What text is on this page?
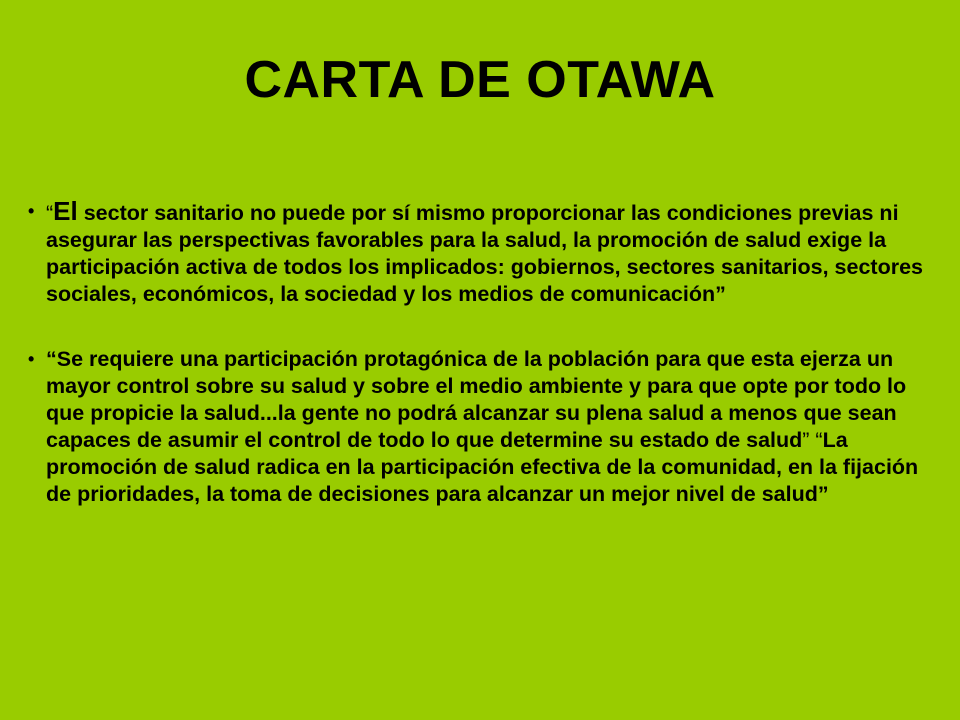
CARTA DE OTAWA
• “El sector sanitario no puede por sí mismo proporcionar las condiciones previas ni asegurar las perspectivas favorables para la salud, la promoción de salud exige la participación activa de todos los implicados: gobiernos, sectores sanitarios, sectores sociales, económicos, la sociedad y los medios de comunicación”
• “Se requiere una participación protagónica de la población para que esta ejerza un mayor control sobre su salud y sobre el medio ambiente y para que opte por todo lo que propicie la salud...la gente no podrá alcanzar su plena salud a menos que sean capaces de asumir el control de todo lo que determine su estado de salud” “La promoción de salud radica en la participación efectiva de la comunidad, en la fijación de prioridades, la toma de decisiones para alcanzar un mejor nivel de salud”
